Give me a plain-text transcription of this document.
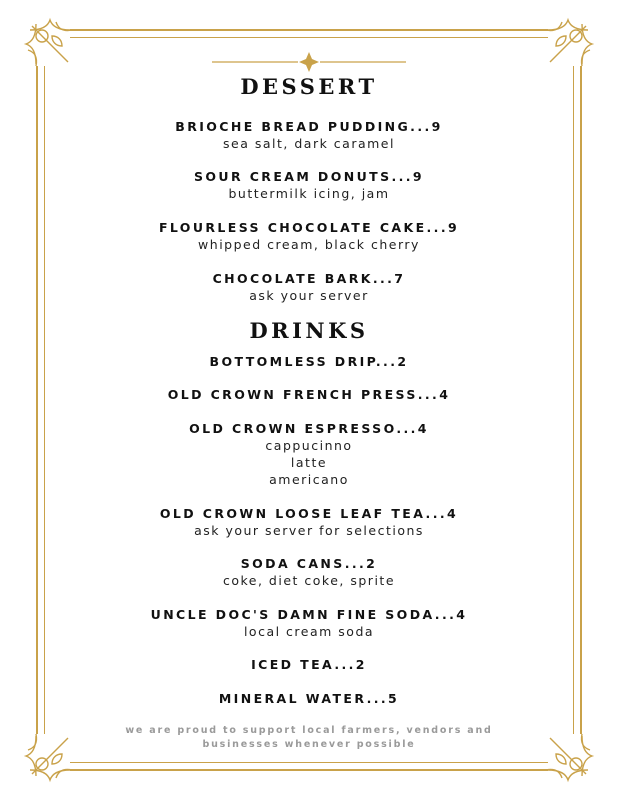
DESSERT
BRIOCHE BREAD PUDDING...9
sea salt, dark caramel
SOUR CREAM DONUTS...9
buttermilk icing, jam
FLOURLESS CHOCOLATE CAKE...9
whipped cream, black cherry
CHOCOLATE BARK...7
ask your server
DRINKS
BOTTOMLESS DRIP...2
OLD CROWN FRENCH PRESS...4
OLD CROWN ESPRESSO...4
cappucinno
latte
americano
OLD CROWN LOOSE LEAF TEA...4
ask your server for selections
SODA CANS...2
coke, diet coke, sprite
UNCLE DOC'S DAMN FINE SODA...4
local cream soda
ICED TEA...2
MINERAL WATER...5
we are proud to support local farmers, vendors and
businesses whenever possible
